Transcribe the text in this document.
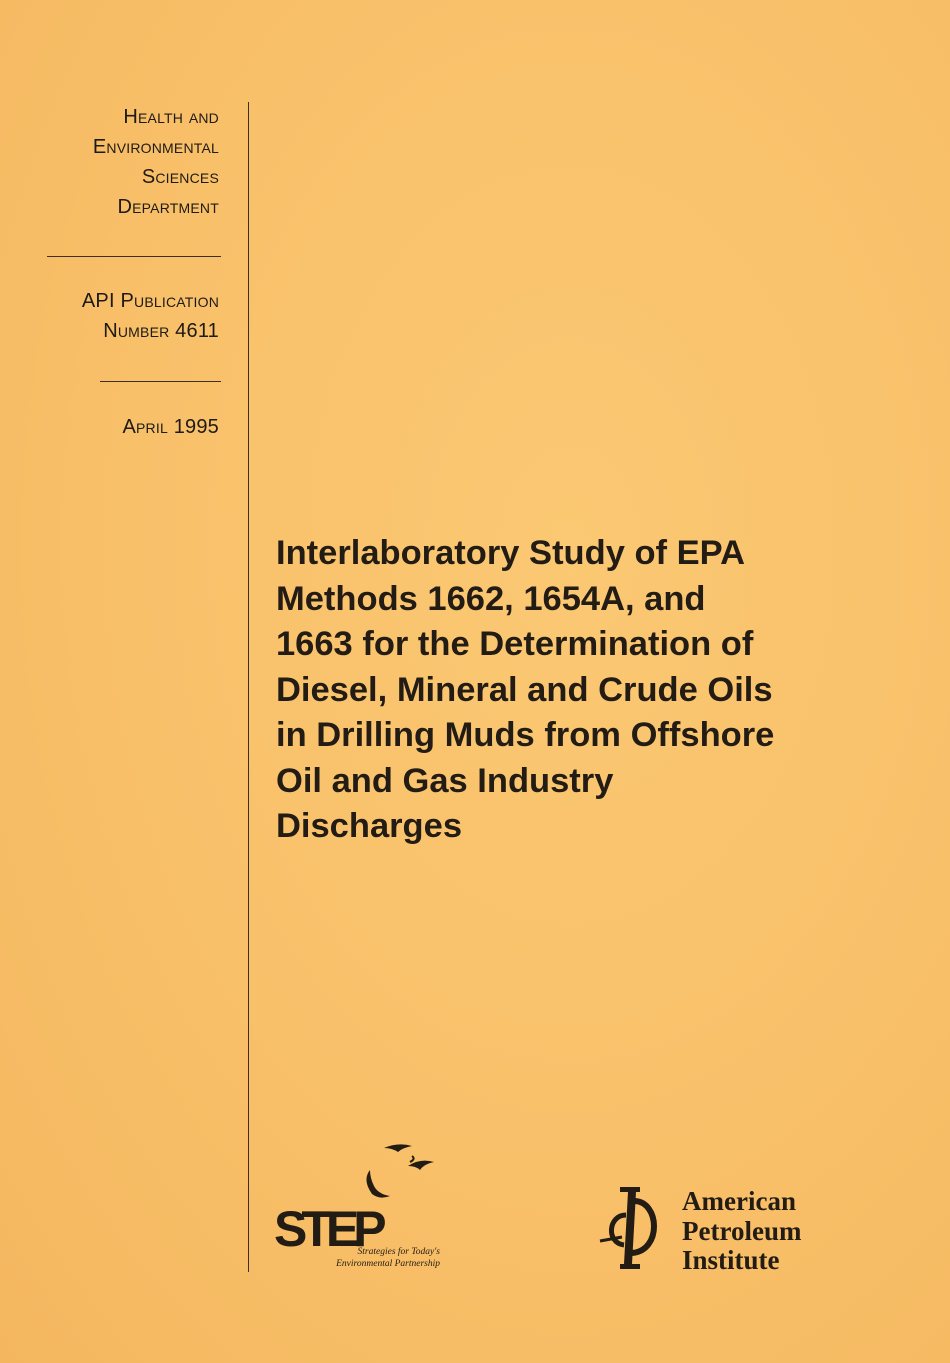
Health and
Environmental
Sciences
Department
API Publication
Number 4611
April 1995
Interlaboratory Study of EPA
Methods 1662, 1654A, and
1663 for the Determination of
Diesel, Mineral and Crude Oils
in Drilling Muds from Offshore
Oil and Gas Industry
Discharges
STEP
Strategies for Today's
Environmental Partnership
American
Petroleum
Institute
